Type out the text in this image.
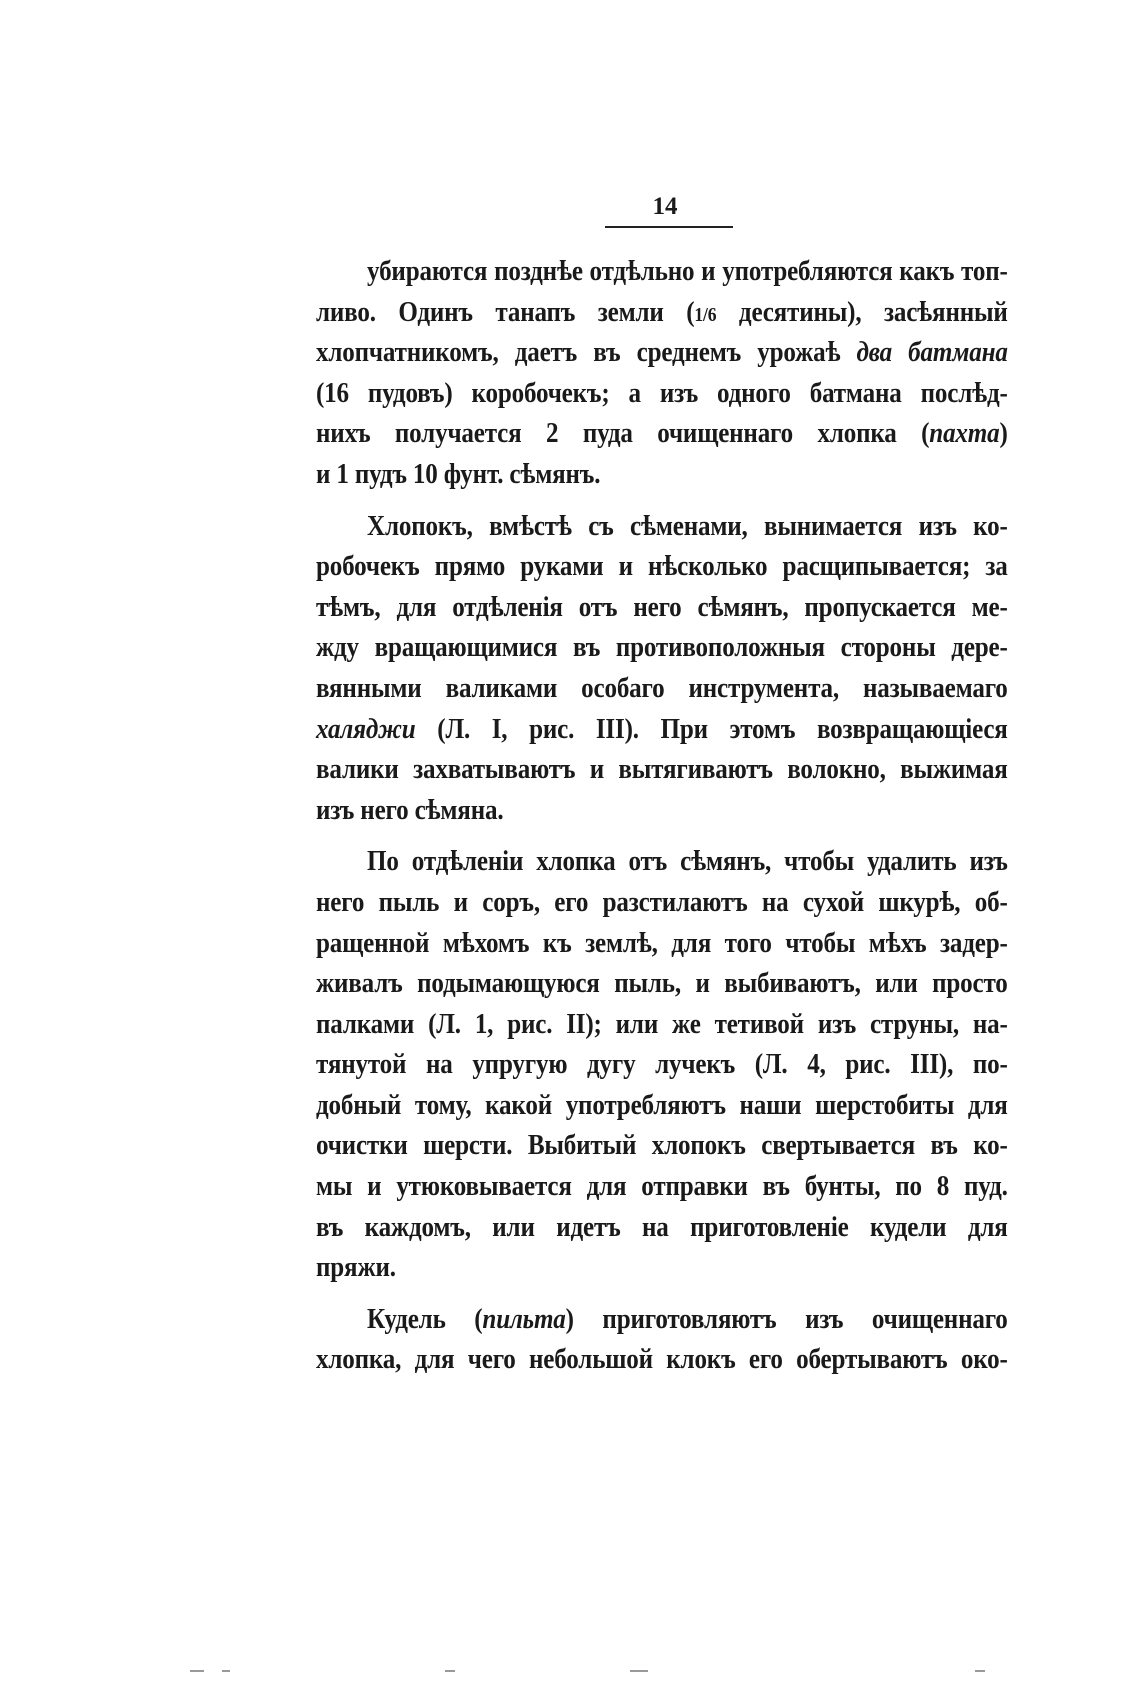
14
убираются позднѣе отдѣльно и употребляются какъ топ-
ливо. Одинъ танапъ земли (1/6 десятины), засѣянный
хлопчатникомъ, даетъ въ среднемъ урожаѣ два батмана
(16 пудовъ) коробочекъ; а изъ одного батмана послѣд-
нихъ получается 2 пуда очищеннаго хлопка (пахта)
и 1 пудъ 10 фунт. сѣмянъ.
Хлопокъ, вмѣстѣ съ сѣменами, вынимается изъ ко-
робочекъ прямо руками и нѣсколько расщипывается; за
тѣмъ, для отдѣленія отъ него сѣмянъ, пропускается ме-
жду вращающимися въ противоположныя стороны дере-
вянными валиками особаго инструмента, называемаго
халяджи (Л. I, рис. III). При этомъ возвращающіеся
валики захватываютъ и вытягиваютъ волокно, выжимая
изъ него сѣмяна.
По отдѣленіи хлопка отъ сѣмянъ, чтобы удалить изъ
него пыль и соръ, его разстилаютъ на сухой шкурѣ, об-
ращенной мѣхомъ къ землѣ, для того чтобы мѣхъ задер-
живалъ подымающуюся пыль, и выбиваютъ, или просто
палками (Л. 1, рис. II); или же тетивой изъ струны, на-
тянутой на упругую дугу лучекъ (Л. 4, рис. III), по-
добный тому, какой употребляютъ наши шерстобиты для
очистки шерсти. Выбитый хлопокъ свертывается въ ко-
мы и утюковывается для отправки въ бунты, по 8 пуд.
въ каждомъ, или идетъ на приготовленіе кудели для
пряжи.
Кудель (пильта) приготовляютъ изъ очищеннаго
хлопка, для чего небольшой клокъ его обертываютъ око-
